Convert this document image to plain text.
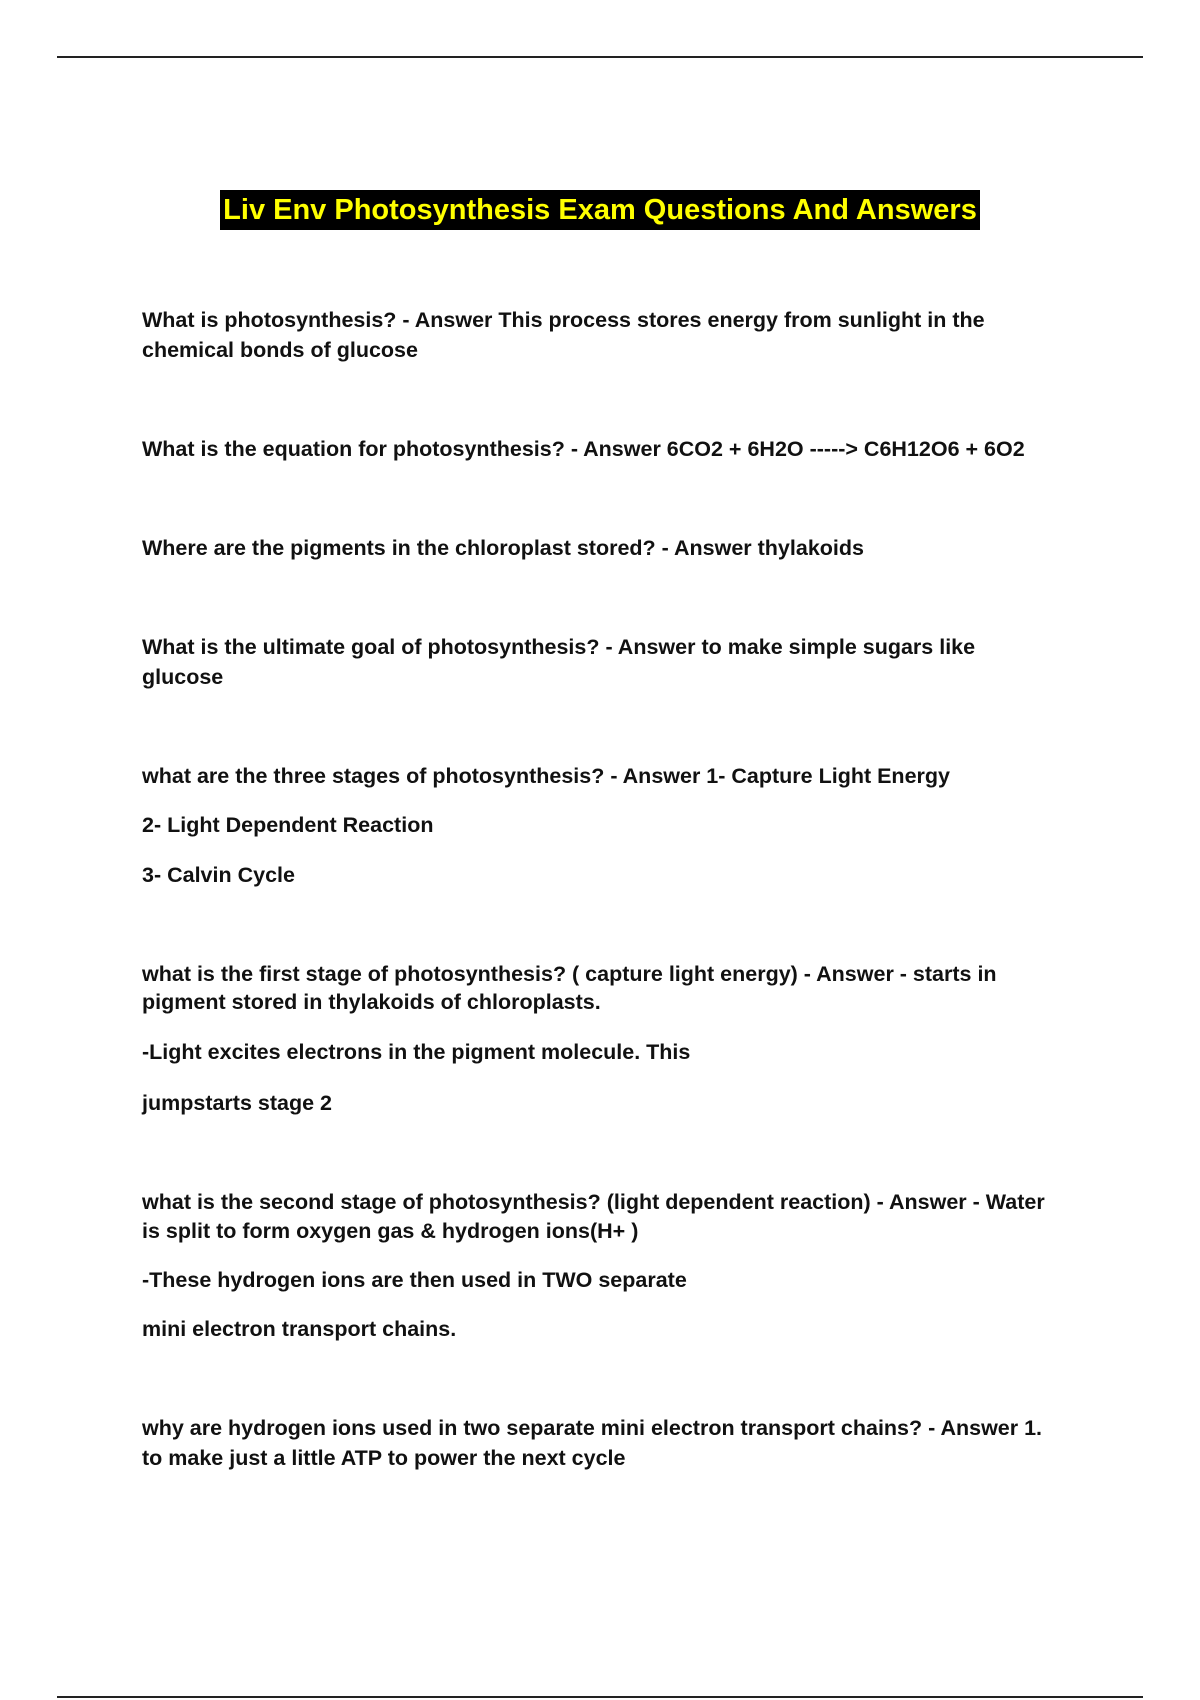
Liv Env Photosynthesis Exam Questions And Answers
What is photosynthesis? - Answer This process stores energy from sunlight in the
chemical bonds of glucose
What is the equation for photosynthesis? - Answer 6CO2 + 6H2O -----> C6H12O6 + 6O2
Where are the pigments in the chloroplast stored? - Answer thylakoids
What is the ultimate goal of photosynthesis? - Answer to make simple sugars like
glucose
what are the three stages of photosynthesis? - Answer 1- Capture Light Energy
2- Light Dependent Reaction
3- Calvin Cycle
what is the first stage of photosynthesis? ( capture light energy) - Answer - starts in
pigment stored in thylakoids of chloroplasts.
-Light excites electrons in the pigment molecule. This
jumpstarts stage 2
what is the second stage of photosynthesis? (light dependent reaction) - Answer - Water
is split to form oxygen gas & hydrogen ions(H+ )
-These hydrogen ions are then used in TWO separate
mini electron transport chains.
why are hydrogen ions used in two separate mini electron transport chains? - Answer 1.
to make just a little ATP to power the next cycle
